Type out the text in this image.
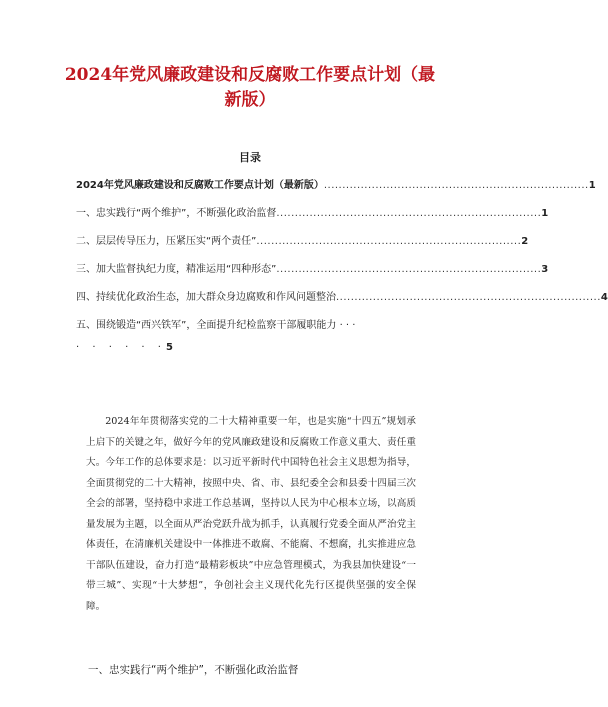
2024年党风廉政建设和反腐败工作要点计划（最新版）
目录
2024年党风廉政建设和反腐败工作要点计划（最新版） ........................................................................ 1
一、忠实践行“两个维护”，不断强化政治监督 ........................................................................ 1
二、层层传导压力，压紧压实“两个责任” ........................................................................ 2
三、加大监督执纪力度，精准运用“四种形态” ........................................................................ 3
四、持续优化政治生态，加大群众身边腐败和作风问题整治 ........................................................................ 4
五、围绕锻造“西兴铁军”，全面提升纪检监察干部履职能力 · · ·
· · · · · ·5

2024年年贯彻落实党的二十大精神重要一年，也是实施“十四五”规划承上启下的关键之年，做好今年的党风廉政建设和反腐败工作意义重大、责任重大。今年工作的总体要求是：以习近平新时代中国特色社会主义思想为指导，全面贯彻党的二十大精神，按照中央、省、市、县纪委全会和县委十四届三次全会的部署，坚持稳中求进工作总基调，坚持以人民为中心根本立场，以高质量发展为主题，以全面从严治党跃升战为抓手，认真履行党委全面从严治党主体责任，在清廉机关建设中一体推进不敢腐、不能腐、不想腐，扎实推进应急干部队伍建设，奋力打造“最精彩板块”中应急管理模式，为我县加快建设“一带三城”、实现“十大梦想”，争创社会主义现代化先行区提供坚强的安全保障。

一、忠实践行“两个维护”，不断强化政治监督
